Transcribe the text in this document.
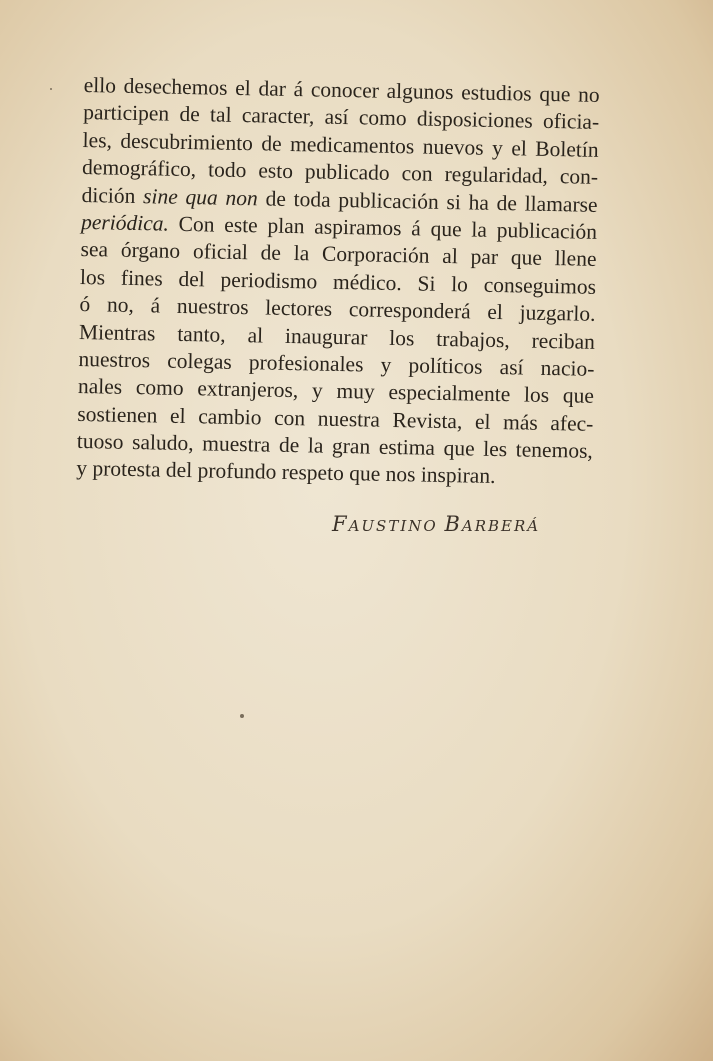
ello desechemos el dar á conocer algunos estudios que no
participen de tal caracter, así como disposiciones oficia-
les, descubrimiento de medicamentos nuevos y el Boletín
demográfico, todo esto publicado con regularidad, con-
dición sine qua non de toda publicación si ha de llamarse
periódica. Con este plan aspiramos á que la publicación
sea órgano oficial de la Corporación al par que llene
los fines del periodismo médico. Si lo conseguimos
ó no, á nuestros lectores corresponderá el juzgarlo.
Mientras tanto, al inaugurar los trabajos, reciban
nuestros colegas profesionales y políticos así nacio-
nales como extranjeros, y muy especialmente los que
sostienen el cambio con nuestra Revista, el más afec-
tuoso saludo, muestra de la gran estima que les tenemos,
y protesta del profundo respeto que nos inspiran.
FAUSTINO BARBERÁ
